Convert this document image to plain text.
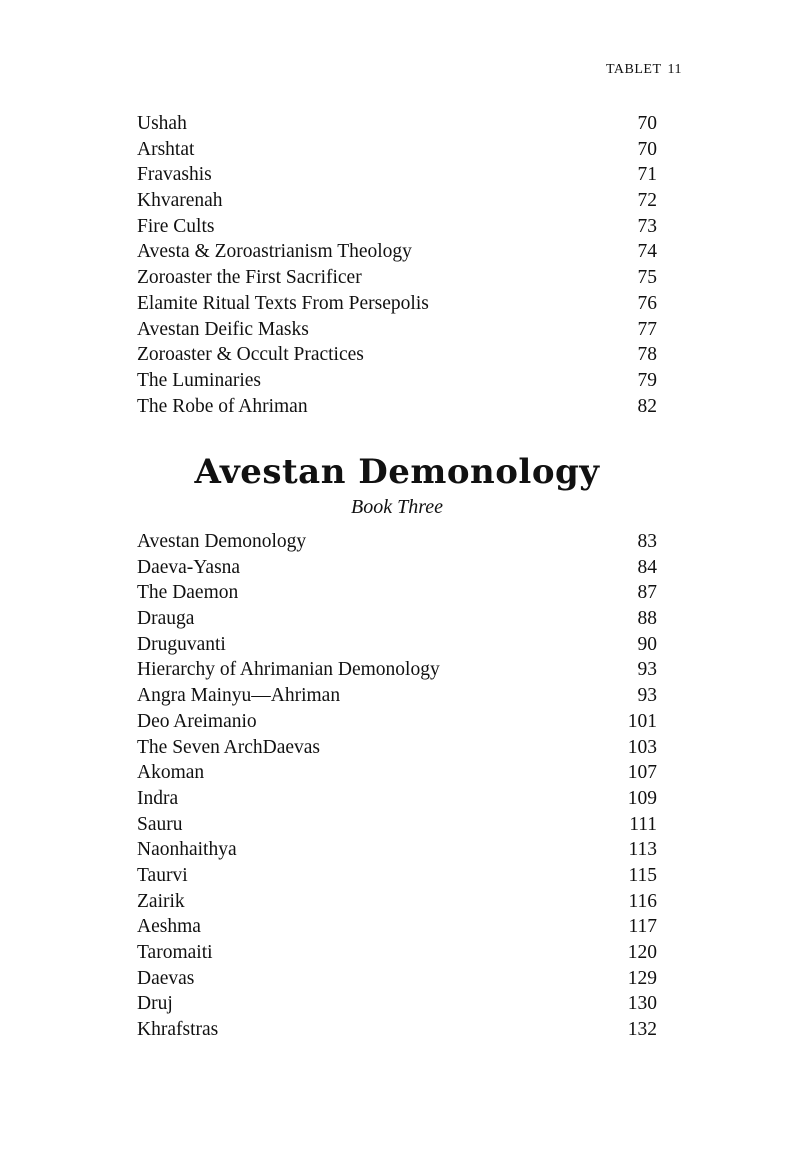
TABLET 11
Ushah	70
Arshtat	70
Fravashis	71
Khvarenah	72
Fire Cults	73
Avesta & Zoroastrianism Theology	74
Zoroaster the First Sacrificer	75
Elamite Ritual Texts From Persepolis	76
Avestan Deific Masks	77
Zoroaster & Occult Practices	78
The Luminaries	79
The Robe of Ahriman	82
Avestan Demonology
Book Three
Avestan Demonology	83
Daeva-Yasna	84
The Daemon	87
Drauga	88
Druguvanti	90
Hierarchy of Ahrimanian Demonology	93
Angra Mainyu—Ahriman	93
Deo Areimanio	101
The Seven ArchDaevas	103
Akoman	107
Indra	109
Sauru	111
Naonhaithya	113
Taurvi	115
Zairik	116
Aeshma	117
Taromaiti	120
Daevas	129
Druj	130
Khrafstras	132
